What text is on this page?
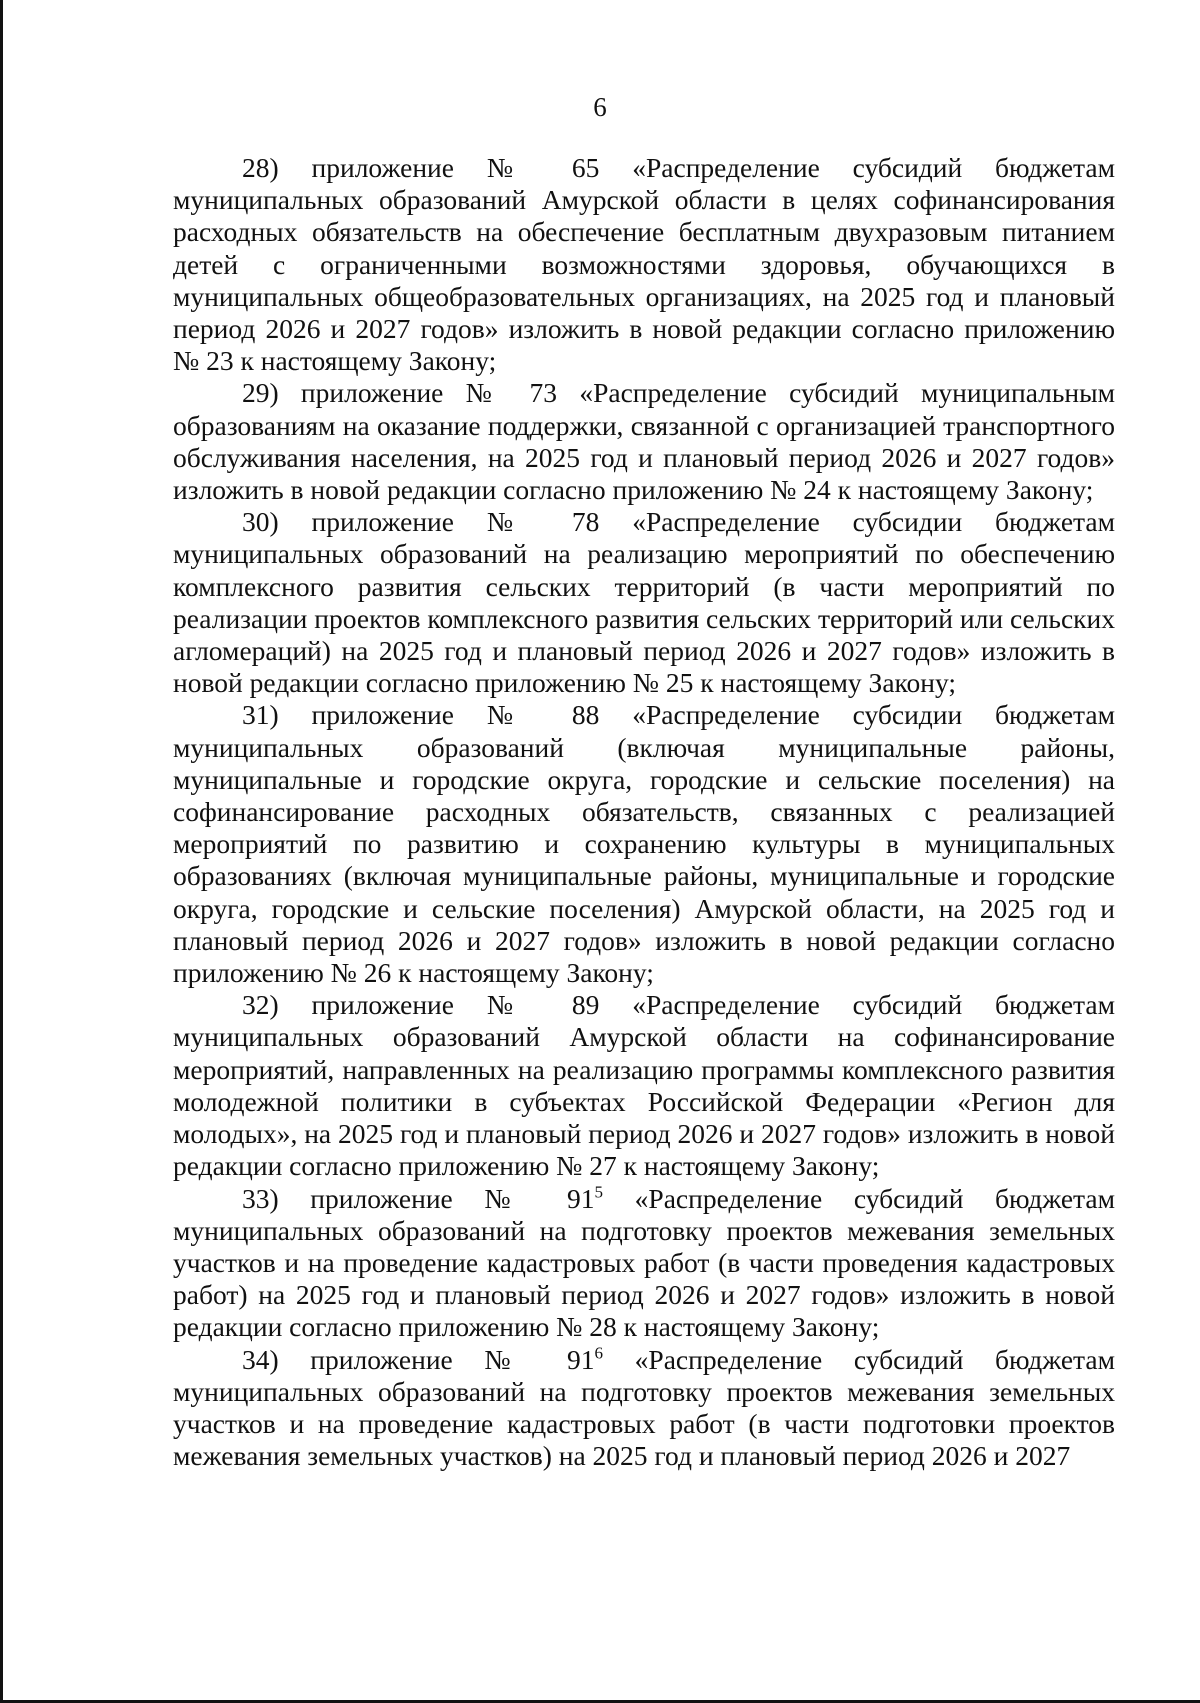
6

28) приложение № 65 «Распределение субсидий бюджетам муниципальных образований Амурской области в целях софинансирования расходных обязательств на обеспечение бесплатным двухразовым питанием детей с ограниченными возможностями здоровья, обучающихся в муниципальных общеобразовательных организациях, на 2025 год и плановый период 2026 и 2027 годов» изложить в новой редакции согласно приложению № 23 к настоящему Закону;

29) приложение № 73 «Распределение субсидий муниципальным образованиям на оказание поддержки, связанной с организацией транспортного обслуживания населения, на 2025 год и плановый период 2026 и 2027 годов» изложить в новой редакции согласно приложению № 24 к настоящему Закону;

30) приложение № 78 «Распределение субсидии бюджетам муниципальных образований на реализацию мероприятий по обеспечению комплексного развития сельских территорий (в части мероприятий по реализации проектов комплексного развития сельских территорий или сельских агломераций) на 2025 год и плановый период 2026 и 2027 годов» изложить в новой редакции согласно приложению № 25 к настоящему Закону;

31) приложение № 88 «Распределение субсидии бюджетам муниципальных образований (включая муниципальные районы, муниципальные и городские округа, городские и сельские поселения) на софинансирование расходных обязательств, связанных с реализацией мероприятий по развитию и сохранению культуры в муниципальных образованиях (включая муниципальные районы, муниципальные и городские округа, городские и сельские поселения) Амурской области, на 2025 год и плановый период 2026 и 2027 годов» изложить в новой редакции согласно приложению № 26 к настоящему Закону;

32) приложение № 89 «Распределение субсидий бюджетам муниципальных образований Амурской области на софинансирование мероприятий, направленных на реализацию программы комплексного развития молодежной политики в субъектах Российской Федерации «Регион для молодых», на 2025 год и плановый период 2026 и 2027 годов» изложить в новой редакции согласно приложению № 27 к настоящему Закону;

33) приложение № $91^5$ «Распределение субсидий бюджетам муниципальных образований на подготовку проектов межевания земельных участков и на проведение кадастровых работ (в части проведения кадастровых работ) на 2025 год и плановый период 2026 и 2027 годов» изложить в новой редакции согласно приложению № 28 к настоящему Закону;

34) приложение № $91^6$ «Распределение субсидий бюджетам муниципальных образований на подготовку проектов межевания земельных участков и на проведение кадастровых работ (в части подготовки проектов межевания земельных участков) на 2025 год и плановый период 2026 и 2027
